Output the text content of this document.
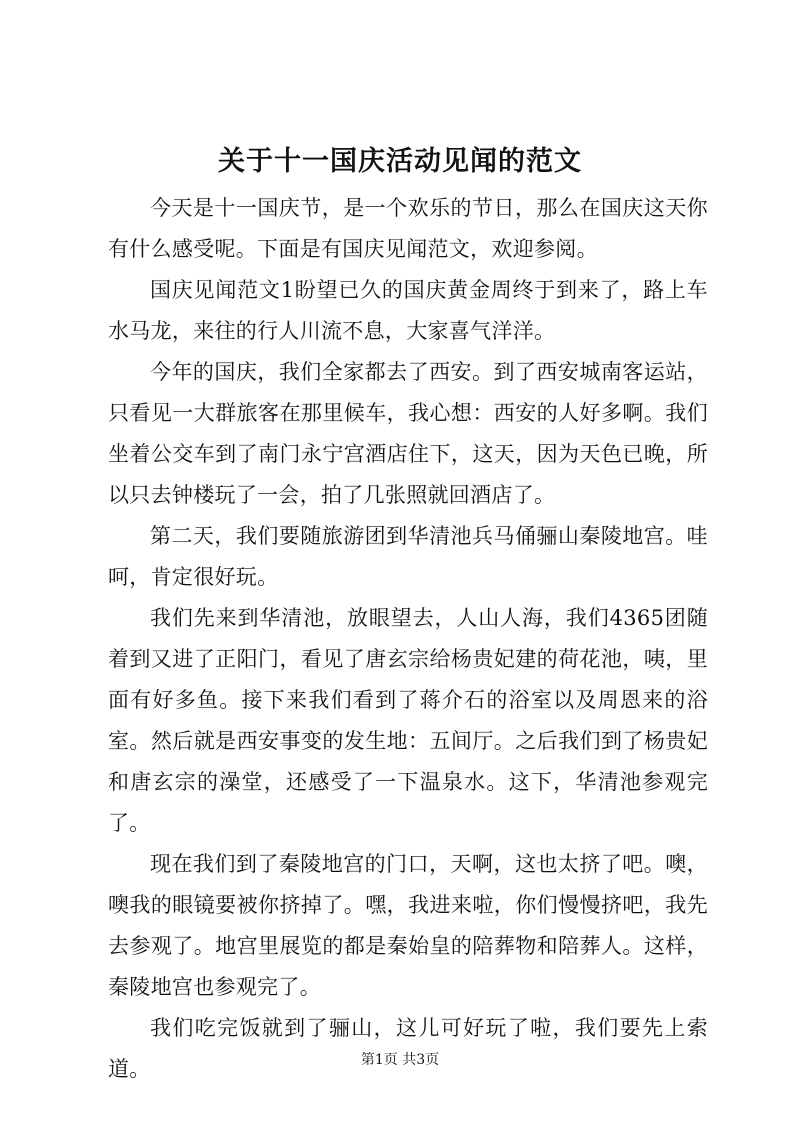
关于十一国庆活动见闻的范文

今天是十一国庆节，是一个欢乐的节日，那么在国庆这天你有什么感受呢。下面是有国庆见闻范文，欢迎参阅。

国庆见闻范文1盼望已久的国庆黄金周终于到来了，路上车水马龙，来往的行人川流不息，大家喜气洋洋。

今年的国庆，我们全家都去了西安。到了西安城南客运站，只看见一大群旅客在那里候车，我心想：西安的人好多啊。我们坐着公交车到了南门永宁宫酒店住下，这天，因为天色已晚，所以只去钟楼玩了一会，拍了几张照就回酒店了。

第二天，我们要随旅游团到华清池兵马俑骊山秦陵地宫。哇呵，肯定很好玩。

我们先来到华清池，放眼望去，人山人海，我们4365团随着到又进了正阳门，看见了唐玄宗给杨贵妃建的荷花池，咦，里面有好多鱼。接下来我们看到了蒋介石的浴室以及周恩来的浴室。然后就是西安事变的发生地：五间厅。之后我们到了杨贵妃和唐玄宗的澡堂，还感受了一下温泉水。这下，华清池参观完了。

现在我们到了秦陵地宫的门口，天啊，这也太挤了吧。噢，噢我的眼镜要被你挤掉了。嘿，我进来啦，你们慢慢挤吧，我先去参观了。地宫里展览的都是秦始皇的陪葬物和陪葬人。这样，秦陵地宫也参观完了。

我们吃完饭就到了骊山，这儿可好玩了啦，我们要先上索道。	第1页 共3页
